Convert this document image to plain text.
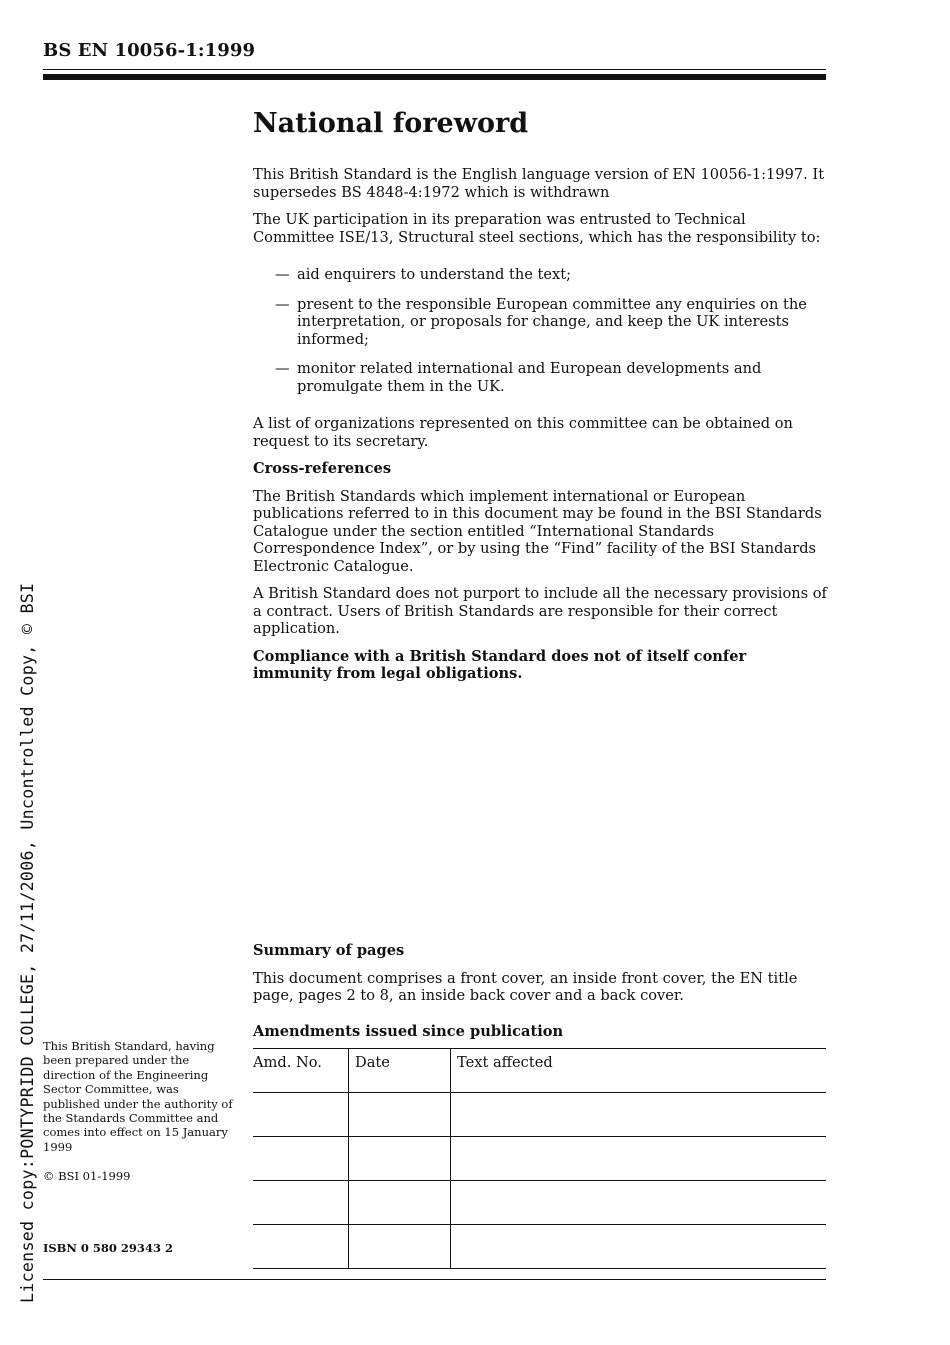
BS EN 10056-1:1999
National foreword

This British Standard is the English language version of EN 10056-1:1997. It supersedes BS 4848-4:1972 which is withdrawn

The UK participation in its preparation was entrusted to Technical Committee ISE/13, Structural steel sections, which has the responsibility to:

— aid enquirers to understand the text;
— present to the responsible European committee any enquiries on the interpretation, or proposals for change, and keep the UK interests informed;
— monitor related international and European developments and promulgate them in the UK.

A list of organizations represented on this committee can be obtained on request to its secretary.

Cross-references

The British Standards which implement international or European publications referred to in this document may be found in the BSI Standards Catalogue under the section entitled “International Standards Correspondence Index”, or by using the “Find” facility of the BSI Standards Electronic Catalogue.

A British Standard does not purport to include all the necessary provisions of a contract. Users of British Standards are responsible for their correct application.

Compliance with a British Standard does not of itself confer immunity from legal obligations.

Summary of pages

This document comprises a front cover, an inside front cover, the EN title page, pages 2 to 8, an inside back cover and a back cover.

Amendments issued since publication
Amd. No.	Date	Text affected

This British Standard, having been prepared under the direction of the Engineering Sector Committee, was published under the authority of the Standards Committee and comes into effect on 15 January 1999
© BSI 01-1999
ISBN 0 580 29343 2
Licensed copy:PONTYPRIDD COLLEGE, 27/11/2006, Uncontrolled Copy, © BSI
